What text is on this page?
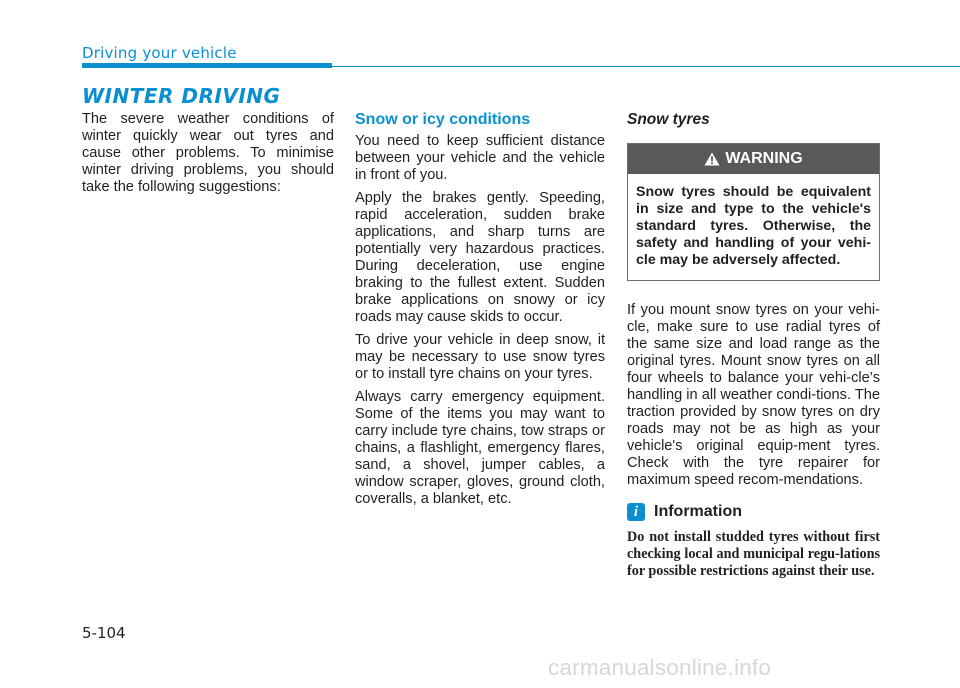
Driving your vehicle
WINTER DRIVING

The severe weather conditions of winter quickly wear out tyres and cause other problems. To minimise winter driving problems, you should take the following suggestions:

Snow or icy conditions

You need to keep sufficient distance between your vehicle and the vehicle in front of you.

Apply the brakes gently. Speeding, rapid acceleration, sudden brake applications, and sharp turns are potentially very hazardous practices. During deceleration, use engine braking to the fullest extent. Sudden brake applications on snowy or icy roads may cause skids to occur.

To drive your vehicle in deep snow, it may be necessary to use snow tyres or to install tyre chains on your tyres.

Always carry emergency equipment. Some of the items you may want to carry include tyre chains, tow straps or chains, a flashlight, emergency flares, sand, a shovel, jumper cables, a window scraper, gloves, ground cloth, coveralls, a blanket, etc.

Snow tyres
WARNING
Snow tyres should be equivalent in size and type to the vehicle's standard tyres. Otherwise, the safety and handling of your vehi-cle may be adversely affected.

If you mount snow tyres on your vehi-cle, make sure to use radial tyres of the same size and load range as the original tyres. Mount snow tyres on all four wheels to balance your vehi-cle’s handling in all weather condi-tions. The traction provided by snow tyres on dry roads may not be as high as your vehicle's original equip-ment tyres. Check with the tyre repairer for maximum speed recom-mendations.

i Information

Do not install studded tyres without first checking local and municipal regu-lations for possible restrictions against their use.

5-104
carmanualsonline.info
